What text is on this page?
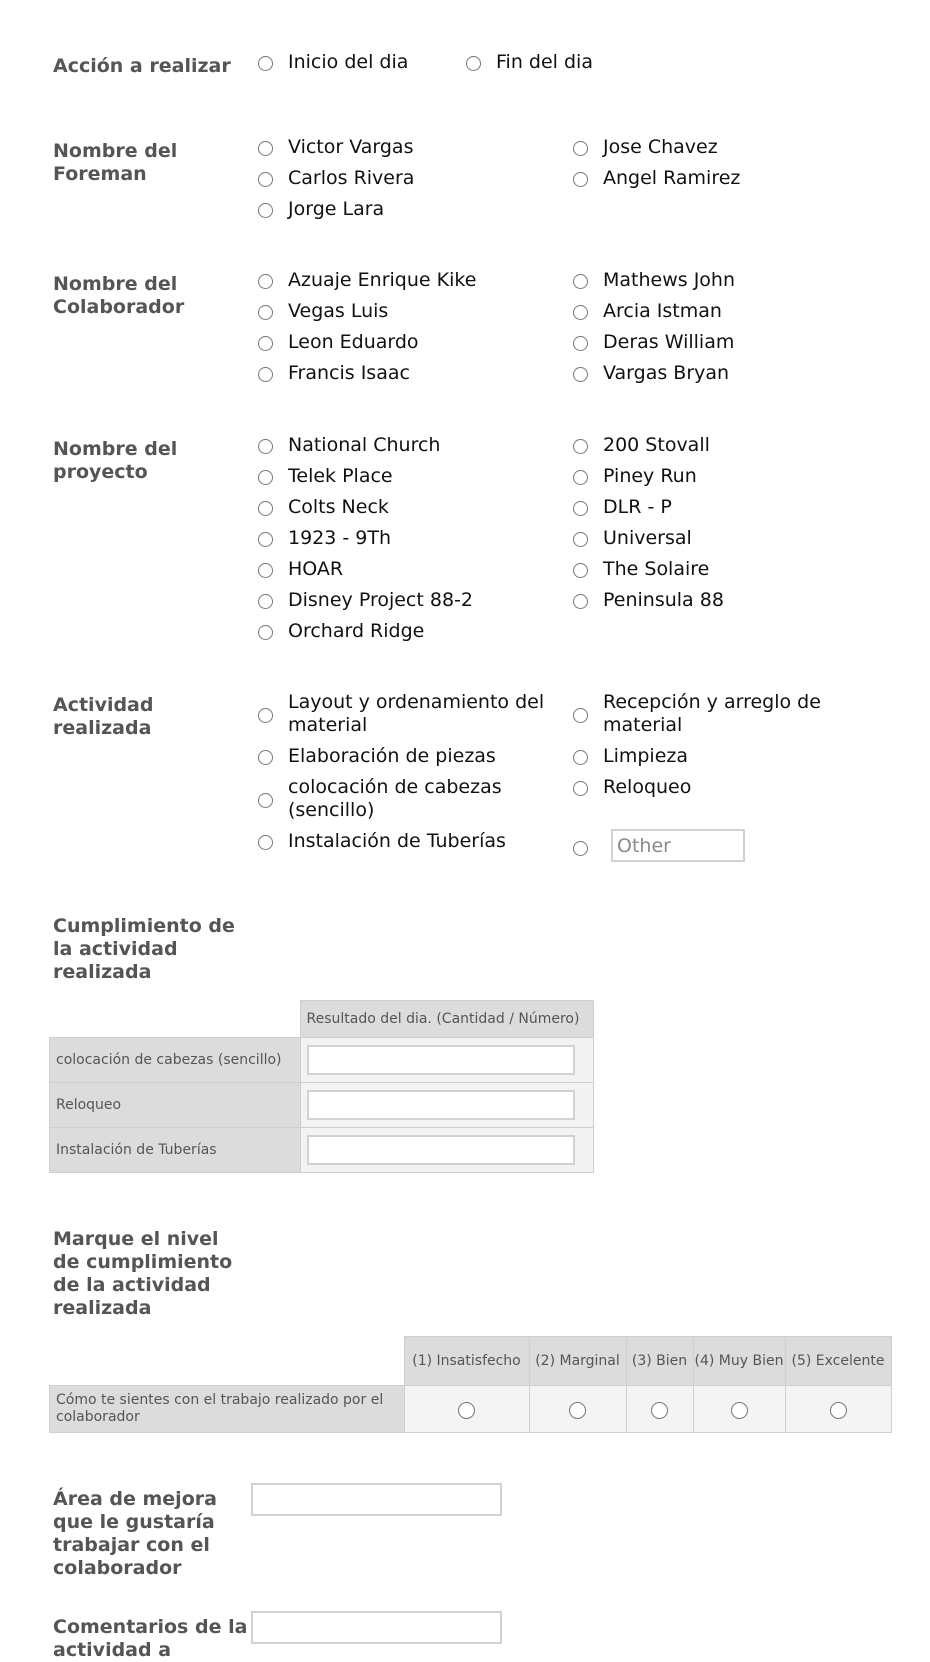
Acción a realizar	Inicio del dia	Fin del dia
Nombre del Foreman
Victor Vargas
Carlos Rivera
Jorge Lara
Jose Chavez
Angel Ramirez
Nombre del Colaborador
Azuaje Enrique Kike
Vegas Luis
Leon Eduardo
Francis Isaac
Mathews John
Arcia Istman
Deras William
Vargas Bryan
Nombre del proyecto
National Church
Telek Place
Colts Neck
1923 - 9Th
HOAR
Disney Project 88-2
Orchard Ridge
200 Stovall
Piney Run
DLR - P
Universal
The Solaire
Peninsula 88
Actividad realizada
Layout y ordenamiento del material
Elaboración de piezas
colocación de cabezas (sencillo)
Instalación de Tuberías
Recepción y arreglo de material
Limpieza
Reloqueo
Other
Cumplimiento de la actividad realizada
	Resultado del dia. (Cantidad / Número)
colocación de cabezas (sencillo)	

Reloqueo	

Instalación de Tuberías	
Marque el nivel de cumplimiento de la actividad realizada
	(1) Insatisfecho	(2) Marginal	(3) Bien	(4) Muy Bien	(5) Excelente
Cómo te sientes con el trabajo realizado por el colaborador					
Área de mejora que le gustaría trabajar con el colaborador
Comentarios de la actividad a
